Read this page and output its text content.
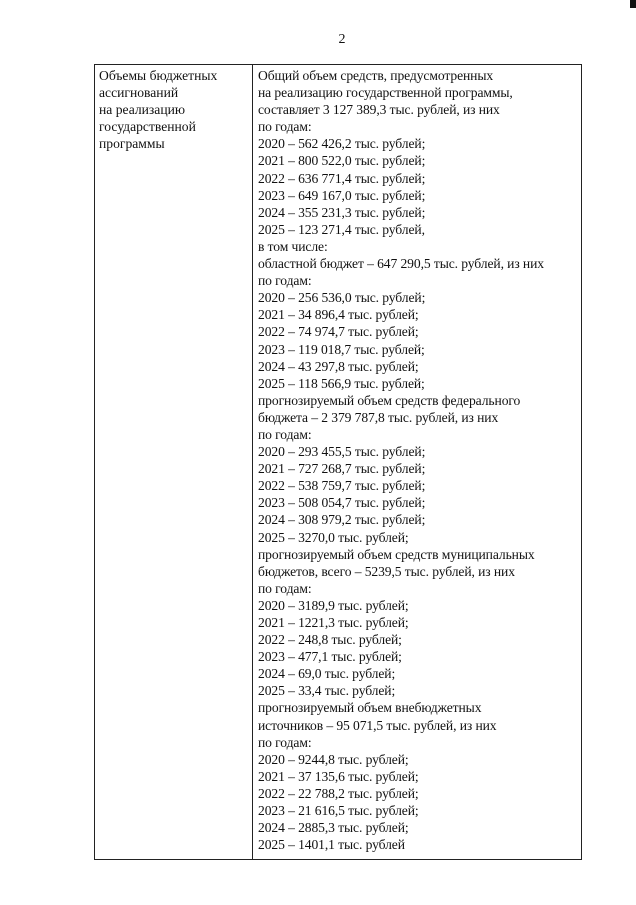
2
Объемы бюджетных
ассигнований
на реализацию
государственной
программы
Общий объем средств, предусмотренных
на реализацию государственной программы,
составляет 3 127 389,3 тыс. рублей, из них
по годам:
2020 – 562 426,2 тыс. рублей;
2021 – 800 522,0 тыс. рублей;
2022 – 636 771,4 тыс. рублей;
2023 – 649 167,0 тыс. рублей;
2024 – 355 231,3 тыс. рублей;
2025 – 123 271,4 тыс. рублей,
в том числе:
областной бюджет – 647 290,5 тыс. рублей, из них
по годам:
2020 – 256 536,0 тыс. рублей;
2021 – 34 896,4 тыс. рублей;
2022 – 74 974,7 тыс. рублей;
2023 – 119 018,7 тыс. рублей;
2024 – 43 297,8 тыс. рублей;
2025 – 118 566,9 тыс. рублей;
прогнозируемый объем средств федерального
бюджета – 2 379 787,8 тыс. рублей, из них
по годам:
2020 – 293 455,5 тыс. рублей;
2021 – 727 268,7 тыс. рублей;
2022 – 538 759,7 тыс. рублей;
2023 – 508 054,7 тыс. рублей;
2024 – 308 979,2 тыс. рублей;
2025 – 3270,0 тыс. рублей;
прогнозируемый объем средств муниципальных
бюджетов, всего – 5239,5 тыс. рублей, из них
по годам:
2020 – 3189,9 тыс. рублей;
2021 – 1221,3 тыс. рублей;
2022 – 248,8 тыс. рублей;
2023 – 477,1 тыс. рублей;
2024 – 69,0 тыс. рублей;
2025 – 33,4 тыс. рублей;
прогнозируемый объем внебюджетных
источников – 95 071,5 тыс. рублей, из них
по годам:
2020 – 9244,8 тыс. рублей;
2021 – 37 135,6 тыс. рублей;
2022 – 22 788,2 тыс. рублей;
2023 – 21 616,5 тыс. рублей;
2024 – 2885,3 тыс. рублей;
2025 – 1401,1 тыс. рублей
